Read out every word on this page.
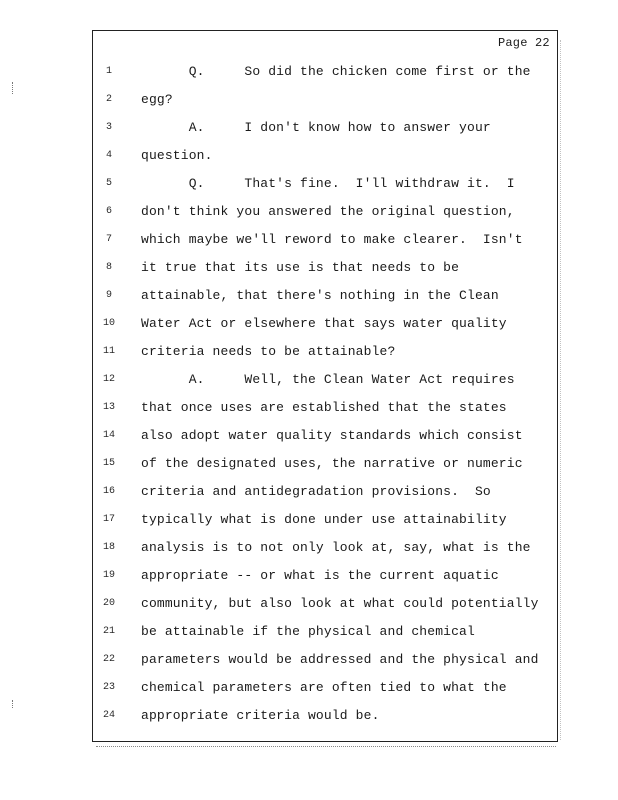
Page 22
1
2
3
4
5
6
7
8
9
10
11
12
13
14
15
16
17
18
19
20
21
22
23
24
Q.     So did the chicken come first or the
egg?
A.     I don't know how to answer your
question.
Q.     That's fine.  I'll withdraw it.  I
don't think you answered the original question,
which maybe we'll reword to make clearer.  Isn't
it true that its use is that needs to be
attainable, that there's nothing in the Clean
Water Act or elsewhere that says water quality
criteria needs to be attainable?
A.     Well, the Clean Water Act requires
that once uses are established that the states
also adopt water quality standards which consist
of the designated uses, the narrative or numeric
criteria and antidegradation provisions.  So
typically what is done under use attainability
analysis is to not only look at, say, what is the
appropriate -- or what is the current aquatic
community, but also look at what could potentially
be attainable if the physical and chemical
parameters would be addressed and the physical and
chemical parameters are often tied to what the
appropriate criteria would be.
